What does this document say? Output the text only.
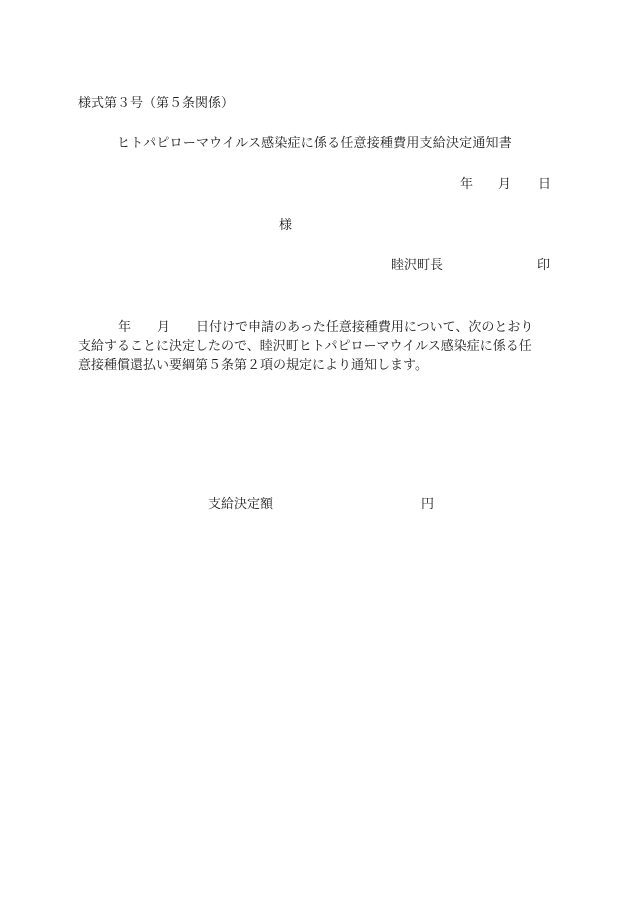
様式第３号（第５条関係）
ヒトパピローマウイルス感染症に係る任意接種費用支給決定通知書
年 月 日
様
睦沢町長	印
年 月 日付けで申請のあった任意接種費用について、次のとおり
支給することに決定したので、睦沢町ヒトパピローマウイルス感染症に係る任
意接種償還払い要綱第５条第２項の規定により通知します。
支給決定額	円
